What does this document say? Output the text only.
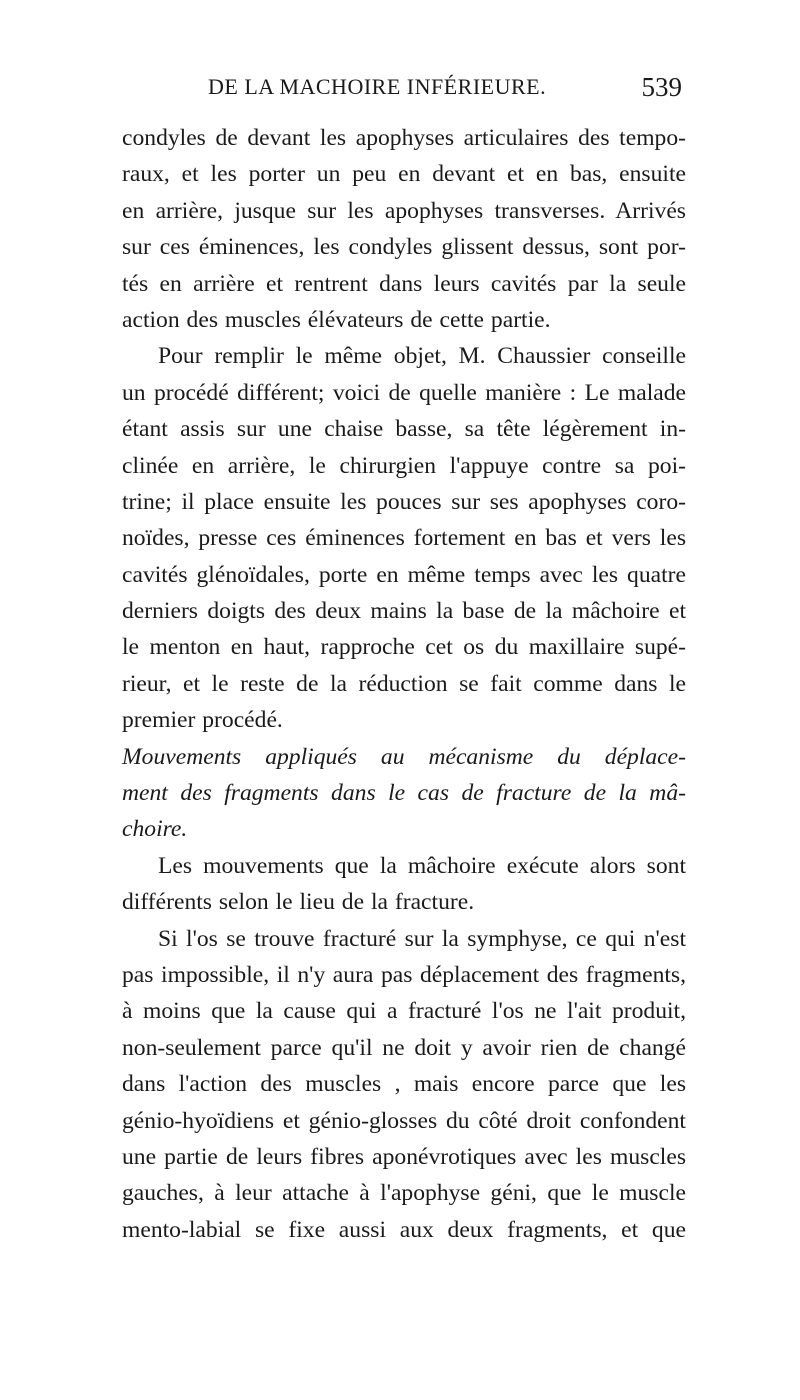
DE LA MACHOIRE INFÉRIEURE.	539
condyles de devant les apophyses articulaires des tempo-
raux, et les porter un peu en devant et en bas, ensuite
en arrière, jusque sur les apophyses transverses. Arrivés
sur ces éminences, les condyles glissent dessus, sont por-
tés en arrière et rentrent dans leurs cavités par la seule
action des muscles élévateurs de cette partie.
Pour remplir le même objet, M. Chaussier conseille
un procédé différent; voici de quelle manière : Le malade
étant assis sur une chaise basse, sa tête légèrement in-
clinée en arrière, le chirurgien l'appuye contre sa poi-
trine; il place ensuite les pouces sur ses apophyses coro-
noïdes, presse ces éminences fortement en bas et vers les
cavités glénoïdales, porte en même temps avec les quatre
derniers doigts des deux mains la base de la mâchoire et
le menton en haut, rapproche cet os du maxillaire supé-
rieur, et le reste de la réduction se fait comme dans le
premier procédé.
Mouvements appliqués au mécanisme du déplace-
ment des fragments dans le cas de fracture de la mâ-
choire.
Les mouvements que la mâchoire exécute alors sont
différents selon le lieu de la fracture.
Si l'os se trouve fracturé sur la symphyse, ce qui n'est
pas impossible, il n'y aura pas déplacement des fragments,
à moins que la cause qui a fracturé l'os ne l'ait produit,
non-seulement parce qu'il ne doit y avoir rien de changé
dans l'action des muscles , mais encore parce que les
génio-hyoïdiens et génio-glosses du côté droit confondent
une partie de leurs fibres aponévrotiques avec les muscles
gauches, à leur attache à l'apophyse géni, que le muscle
mento-labial se fixe aussi aux deux fragments, et que
